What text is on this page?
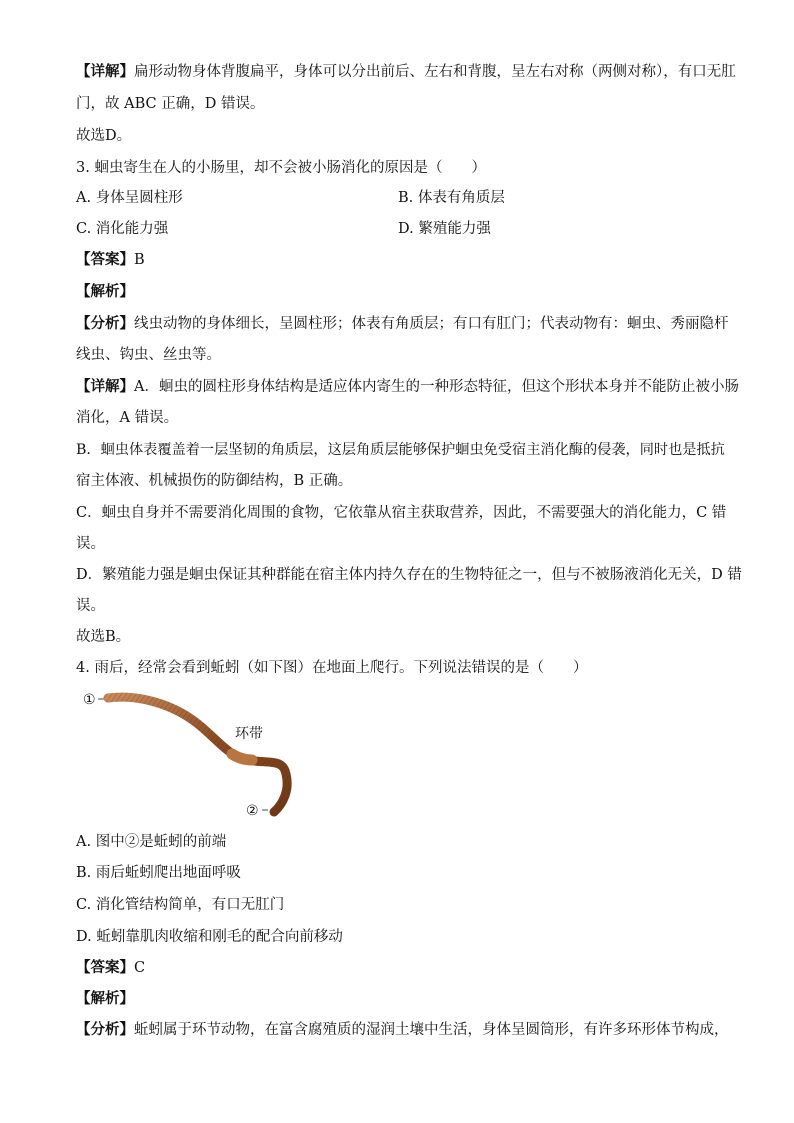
【详解】扁形动物身体背腹扁平，身体可以分出前后、左右和背腹，呈左右对称（两侧对称），有口无肛
门，故 ABC 正确，D 错误。
故选D。
3. 蛔虫寄生在人的小肠里，却不会被小肠消化的原因是（　　）
A. 身体呈圆柱形	B. 体表有角质层
C. 消化能力强	D. 繁殖能力强
【答案】B
【解析】
【分析】线虫动物的身体细长，呈圆柱形；体表有角质层；有口有肛门；代表动物有：蛔虫、秀丽隐杆
线虫、钩虫、丝虫等。
【详解】A．蛔虫的圆柱形身体结构是适应体内寄生的一种形态特征，但这个形状本身并不能防止被小肠
消化，A 错误。
B．蛔虫体表覆盖着一层坚韧的角质层，这层角质层能够保护蛔虫免受宿主消化酶的侵袭，同时也是抵抗
宿主体液、机械损伤的防御结构，B 正确。
C．蛔虫自身并不需要消化周围的食物，它依靠从宿主获取营养，因此，不需要强大的消化能力，C 错
误。
D．繁殖能力强是蛔虫保证其种群能在宿主体内持久存在的生物特征之一，但与不被肠液消化无关，D 错
误。
故选B。
4. 雨后，经常会看到蚯蚓（如下图）在地面上爬行。下列说法错误的是（　　）
①
环带
②
A. 图中②是蚯蚓的前端
B. 雨后蚯蚓爬出地面呼吸
C. 消化管结构简单，有口无肛门
D. 蚯蚓靠肌肉收缩和刚毛的配合向前移动
【答案】C
【解析】
【分析】蚯蚓属于环节动物，在富含腐殖质的湿润土壤中生活，身体呈圆筒形，有许多环形体节构成，
